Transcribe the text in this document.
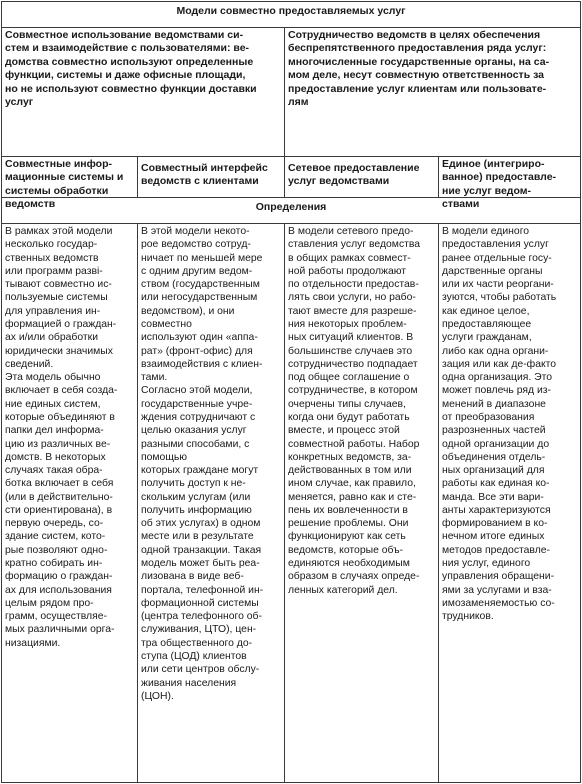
Модели совместно предоставляемых услуг
Совместное использование ведомствами си-
стем и взаимодействие с пользователями: ве-
домства совместно используют определенные
функции, системы и даже офисные площади,
но не используют совместно функции доставки
услуг
Сотрудничество ведомств в целях обеспечения
беспрепятственного предоставления ряда услуг:
многочисленные государственные органы, на са-
мом деле, несут совместную ответственность за
предоставление услуг клиентам или пользовате-
лям
Совместные инфор-
мационные системы и
системы обработки
ведомств
Совместный интерфейс
ведомств с клиентами
Сетевое предоставление
услуг ведомствами
Единое (интегриро-
ванное) предоставле-
ние услуг ведом-
ствами
Определения
В рамках этой модели
несколько государ-
ственных ведомств
или программ разві-
тывают совместно ис-
пользуемые системы
для управления ин-
формацией о граждан-
ах и/или обработки
юридически значимых
сведений.
Эта модель обычно
включает в себя созда-
ние единых систем,
которые объединяют в
папки дел информа-
цию из различных ве-
домств. В некоторых
случаях такая обра-
ботка включает в себя
(или в действительно-
сти ориентирована), в
первую очередь, со-
здание систем, кото-
рые позволяют одно-
кратно собирать ин-
формацию о граждан-
ах для использования
целым рядом про-
грамм, осуществляе-
мых различными орга-
низациями.
В этой модели некото-
рое ведомство сотруд-
ничает по меньшей мере
с одним другим ведом-
ством (государственным
или негосударственным
ведомством), и они совместно
используют один «аппа-
рат» (фронт-офис) для
взаимодействия с клиен-
тами.
Согласно этой модели,
государственные учре-
ждения сотрудничают с
целью оказания услуг
разными способами, с помощью
которых граждане могут
получить доступ к не-
скольким услугам (или
получить информацию
об этих услугах) в одном
месте или в результате
одной транзакции. Такая
модель может быть реа-
лизована в виде веб-
портала, телефонной ин-
формационной системы
(центра телефонного об-
служивания, ЦТО), цен-
тра общественного до-
ступа (ЦОД) клиентов
или сети центров обслу-
живания населения
(ЦОН).
В модели сетевого предо-
ставления услуг ведомства
в общих рамках совмест-
ной работы продолжают
по отдельности предостав-
лять свои услуги, но рабо-
тают вместе для разреше-
ния некоторых проблем-
ных ситуаций клиентов. В
большинстве случаев это
сотрудничество подпадает
под общее соглашение о
сотрудничестве, в котором
очерчены типы случаев,
когда они будут работать
вместе, и процесс этой
совместной работы. Набор
конкретных ведомств, за-
действованных в том или
ином случае, как правило,
меняется, равно как и сте-
пень их вовлеченности в
решение проблемы. Они
функционируют как сеть
ведомств, которые объ-
единяются необходимым
образом в случаях опреде-
ленных категорий дел.
В модели единого
предоставления услуг
ранее отдельные госу-
дарственные органы
или их части реоргани-
зуются, чтобы работать
как единое целое,
предоставляющее
услуги гражданам,
либо как одна органи-
зация или как де-факто
одна организация. Это
может повлечь ряд из-
менений в диапазоне
от преобразования
разрозненных частей
одной организации до
объединения отдель-
ных организаций для
работы как единая ко-
манда. Все эти вари-
анты характеризуются
формированием в ко-
нечном итоге единых
методов предоставле-
ния услуг, единого
управления обращени-
ями за услугами и вза-
имозаменяемостью со-
трудников.
